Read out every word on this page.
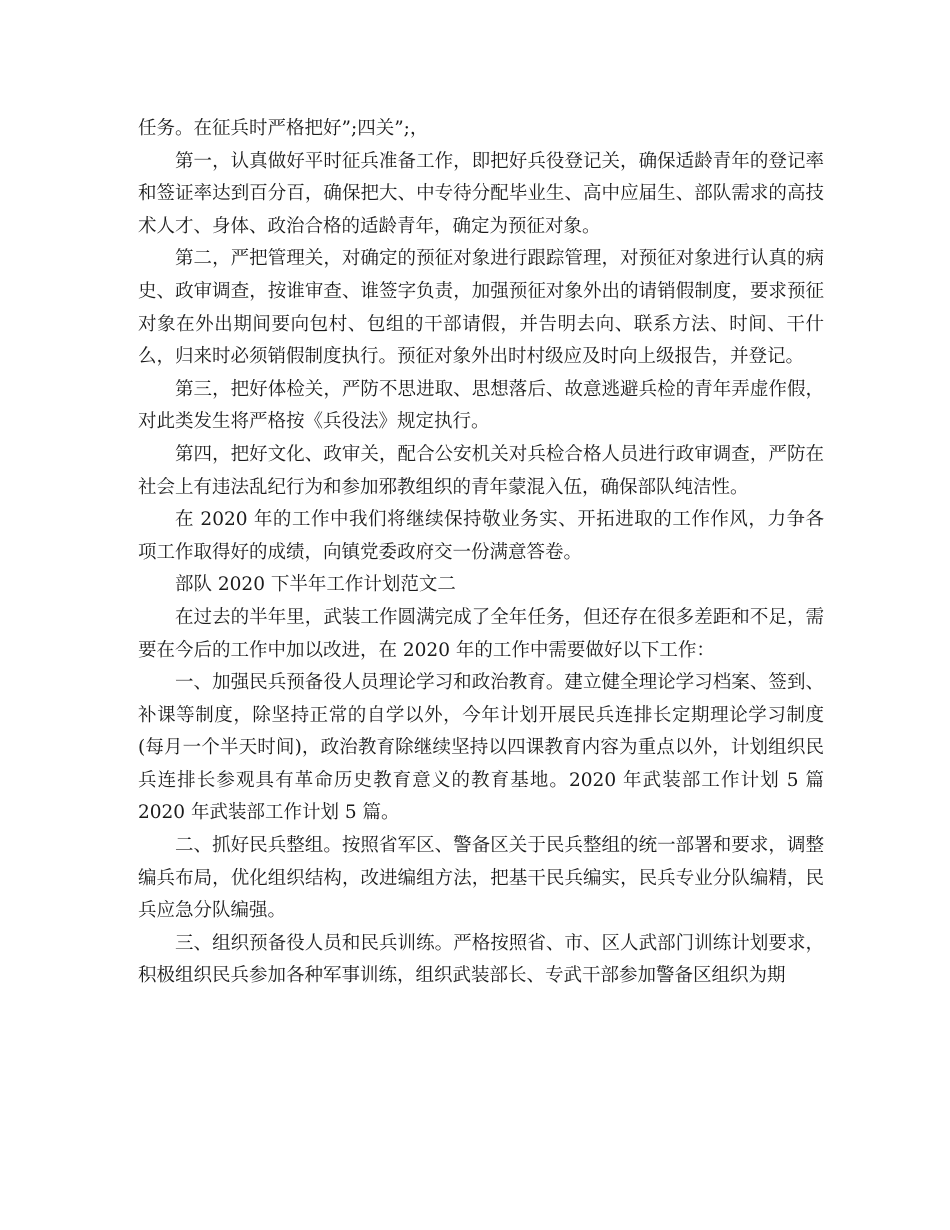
任务。在征兵时严格把好”;四关”;，

第一，认真做好平时征兵准备工作，即把好兵役登记关，确保适龄青年的登记率和签证率达到百分百，确保把大、中专待分配毕业生、高中应届生、部队需求的高技术人才、身体、政治合格的适龄青年，确定为预征对象。

第二，严把管理关，对确定的预征对象进行跟踪管理，对预征对象进行认真的病史、政审调查，按谁审查、谁签字负责，加强预征对象外出的请销假制度，要求预征对象在外出期间要向包村、包组的干部请假，并告明去向、联系方法、时间、干什么，归来时必须销假制度执行。预征对象外出时村级应及时向上级报告，并登记。

第三，把好体检关，严防不思进取、思想落后、故意逃避兵检的青年弄虚作假，对此类发生将严格按《兵役法》规定执行。

第四，把好文化、政审关，配合公安机关对兵检合格人员进行政审调查，严防在社会上有违法乱纪行为和参加邪教组织的青年蒙混入伍，确保部队纯洁性。

在 2020 年的工作中我们将继续保持敬业务实、开拓进取的工作作风，力争各项工作取得好的成绩，向镇党委政府交一份满意答卷。

部队 2020 下半年工作计划范文二

在过去的半年里，武装工作圆满完成了全年任务，但还存在很多差距和不足，需要在今后的工作中加以改进，在 2020 年的工作中需要做好以下工作：

一、加强民兵预备役人员理论学习和政治教育。建立健全理论学习档案、签到、补课等制度，除坚持正常的自学以外，今年计划开展民兵连排长定期理论学习制度(每月一个半天时间)，政治教育除继续坚持以四课教育内容为重点以外，计划组织民兵连排长参观具有革命历史教育意义的教育基地。2020 年武装部工作计划 5 篇2020 年武装部工作计划 5 篇。

二、抓好民兵整组。按照省军区、警备区关于民兵整组的统一部署和要求，调整编兵布局，优化组织结构，改进编组方法，把基干民兵编实，民兵专业分队编精，民兵应急分队编强。

三、组织预备役人员和民兵训练。严格按照省、市、区人武部门训练计划要求，积极组织民兵参加各种军事训练，组织武装部长、专武干部参加警备区组织为期
